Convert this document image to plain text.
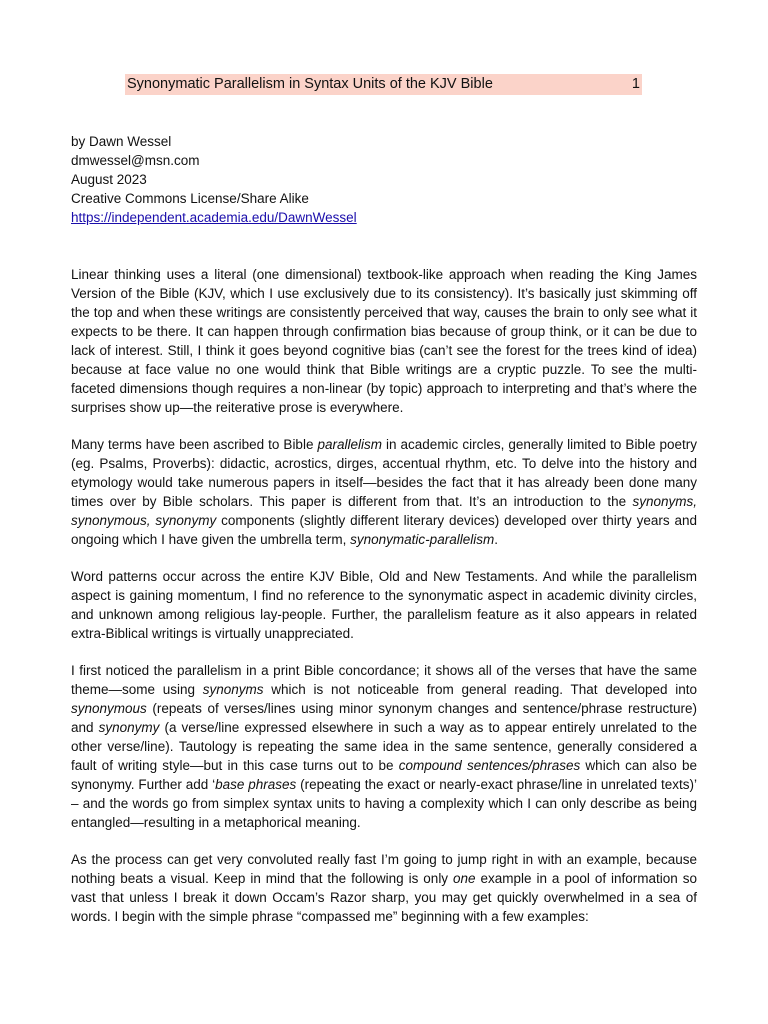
Synonymatic Parallelism in Syntax Units of the KJV Bible	1
by Dawn Wessel
dmwessel@msn.com
August 2023
Creative Commons License/Share Alike
https://independent.academia.edu/DawnWessel

Linear thinking uses a literal (one dimensional) textbook-like approach when reading the King James Version of the Bible (KJV, which I use exclusively due to its consistency). It’s basically just skimming off the top and when these writings are consistently perceived that way, causes the brain to only see what it expects to be there. It can happen through confirmation bias because of group think, or it can be due to lack of interest. Still, I think it goes beyond cognitive bias (can’t see the forest for the trees kind of idea) because at face value no one would think that Bible writings are a cryptic puzzle. To see the multi-faceted dimensions though requires a non-linear (by topic) approach to interpreting and that’s where the surprises show up—the reiterative prose is everywhere.

Many terms have been ascribed to Bible parallelism in academic circles, generally limited to Bible poetry (eg. Psalms, Proverbs): didactic, acrostics, dirges, accentual rhythm, etc. To delve into the history and etymology would take numerous papers in itself—besides the fact that it has already been done many times over by Bible scholars. This paper is different from that. It’s an introduction to the synonyms, synonymous, synonymy components (slightly different literary devices) developed over thirty years and ongoing which I have given the umbrella term, synonymatic-parallelism.

Word patterns occur across the entire KJV Bible, Old and New Testaments. And while the parallelism aspect is gaining momentum, I find no reference to the synonymatic aspect in academic divinity circles, and unknown among religious lay-people. Further, the parallelism feature as it also appears in related extra-Biblical writings is virtually unappreciated.

I first noticed the parallelism in a print Bible concordance; it shows all of the verses that have the same theme—some using synonyms which is not noticeable from general reading. That developed into synonymous (repeats of verses/lines using minor synonym changes and sentence/phrase restructure) and synonymy (a verse/line expressed elsewhere in such a way as to appear entirely unrelated to the other verse/line). Tautology is repeating the same idea in the same sentence, generally considered a fault of writing style—but in this case turns out to be compound sentences/phrases which can also be synonymy. Further add ‘base phrases (repeating the exact or nearly-exact phrase/line in unrelated texts)’ – and the words go from simplex syntax units to having a complexity which I can only describe as being entangled—resulting in a metaphorical meaning.

As the process can get very convoluted really fast I’m going to jump right in with an example, because nothing beats a visual. Keep in mind that the following is only one example in a pool of information so vast that unless I break it down Occam’s Razor sharp, you may get quickly overwhelmed in a sea of words. I begin with the simple phrase “compassed me” beginning with a few examples:
